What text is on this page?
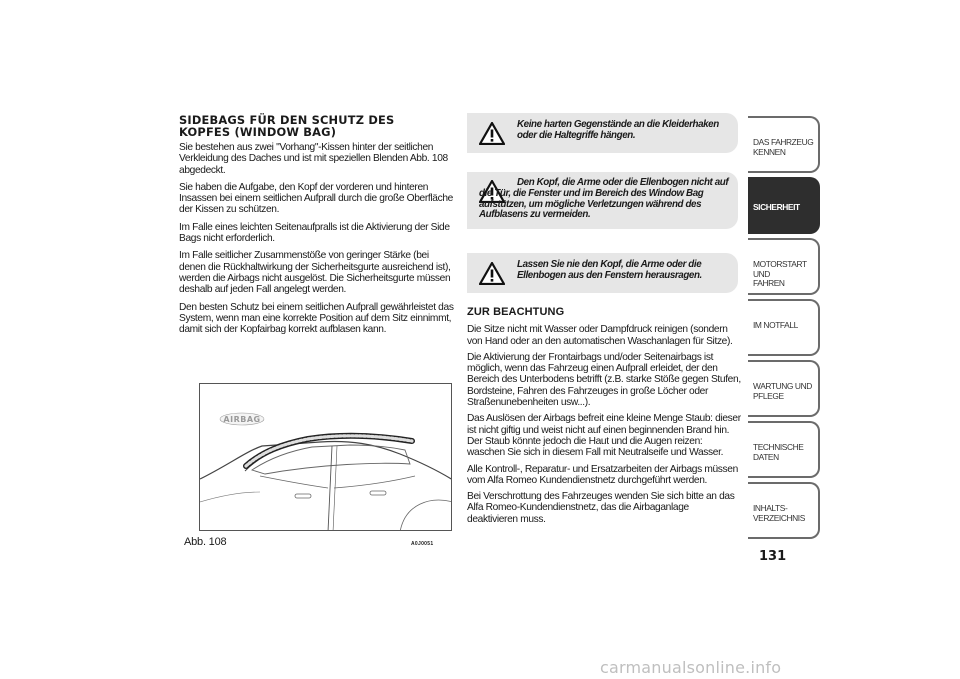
SIDEBAGS FÜR DEN SCHUTZ DES
KOPFES (WINDOW BAG)

Sie bestehen aus zwei "Vorhang"-Kissen hinter der seitlichen Verkleidung des Daches und ist mit speziellen Blenden Abb. 108 abgedeckt.

Sie haben die Aufgabe, den Kopf der vorderen und hinteren Insassen bei einem seitlichen Aufprall durch die große Oberfläche der Kissen zu schützen.

Im Falle eines leichten Seitenaufpralls ist die Aktivierung der Side Bags nicht erforderlich.

Im Falle seitlicher Zusammenstöße von geringer Stärke (bei denen die Rückhaltwirkung der Sicherheitsgurte ausreichend ist), werden die Airbags nicht ausgelöst. Die Sicherheitsgurte müssen deshalb auf jeden Fall angelegt werden.

Den besten Schutz bei einem seitlichen Aufprall gewährleistet das System, wenn man eine korrekte Position auf dem Sitz einnimmt, damit sich der Kopfairbag korrekt aufblasen kann.

AIRBAG
Abb. 108	A0J0051
Keine harten Gegenstände an die Kleiderhaken oder die Haltegriffe hängen.
Den Kopf, die Arme oder die Ellenbogen nicht auf die Tür, die Fenster und im Bereich des Window Bag aufstützen, um mögliche Verletzungen während des Aufblasens zu vermeiden.
Lassen Sie nie den Kopf, die Arme oder die Ellenbogen aus den Fenstern herausragen.
ZUR BEACHTUNG

Die Sitze nicht mit Wasser oder Dampfdruck reinigen (sondern von Hand oder an den automatischen Waschanlagen für Sitze).

Die Aktivierung der Frontairbags und/oder Seitenairbags ist möglich, wenn das Fahrzeug einen Aufprall erleidet, der den Bereich des Unterbodens betrifft (z.B. starke Stöße gegen Stufen, Bordsteine, Fahren des Fahrzeuges in große Löcher oder Straßenunebenheiten usw...).

Das Auslösen der Airbags befreit eine kleine Menge Staub: dieser ist nicht giftig und weist nicht auf einen beginnenden Brand hin. Der Staub könnte jedoch die Haut und die Augen reizen: waschen Sie sich in diesem Fall mit Neutralseife und Wasser.

Alle Kontroll-, Reparatur- und Ersatzarbeiten der Airbags müssen vom Alfa Romeo Kundendienstnetz durchgeführt werden.

Bei Verschrottung des Fahrzeuges wenden Sie sich bitte an das Alfa Romeo-Kundendienstnetz, das die Airbaganlage deaktivieren muss.

DAS FAHRZEUG
KENNEN
SICHERHEIT
MOTORSTART UND
FAHREN
IM NOTFALL
WARTUNG UND
PFLEGE
TECHNISCHE DATEN
INHALTS-
VERZEICHNIS
131
carmanualsonline.info
